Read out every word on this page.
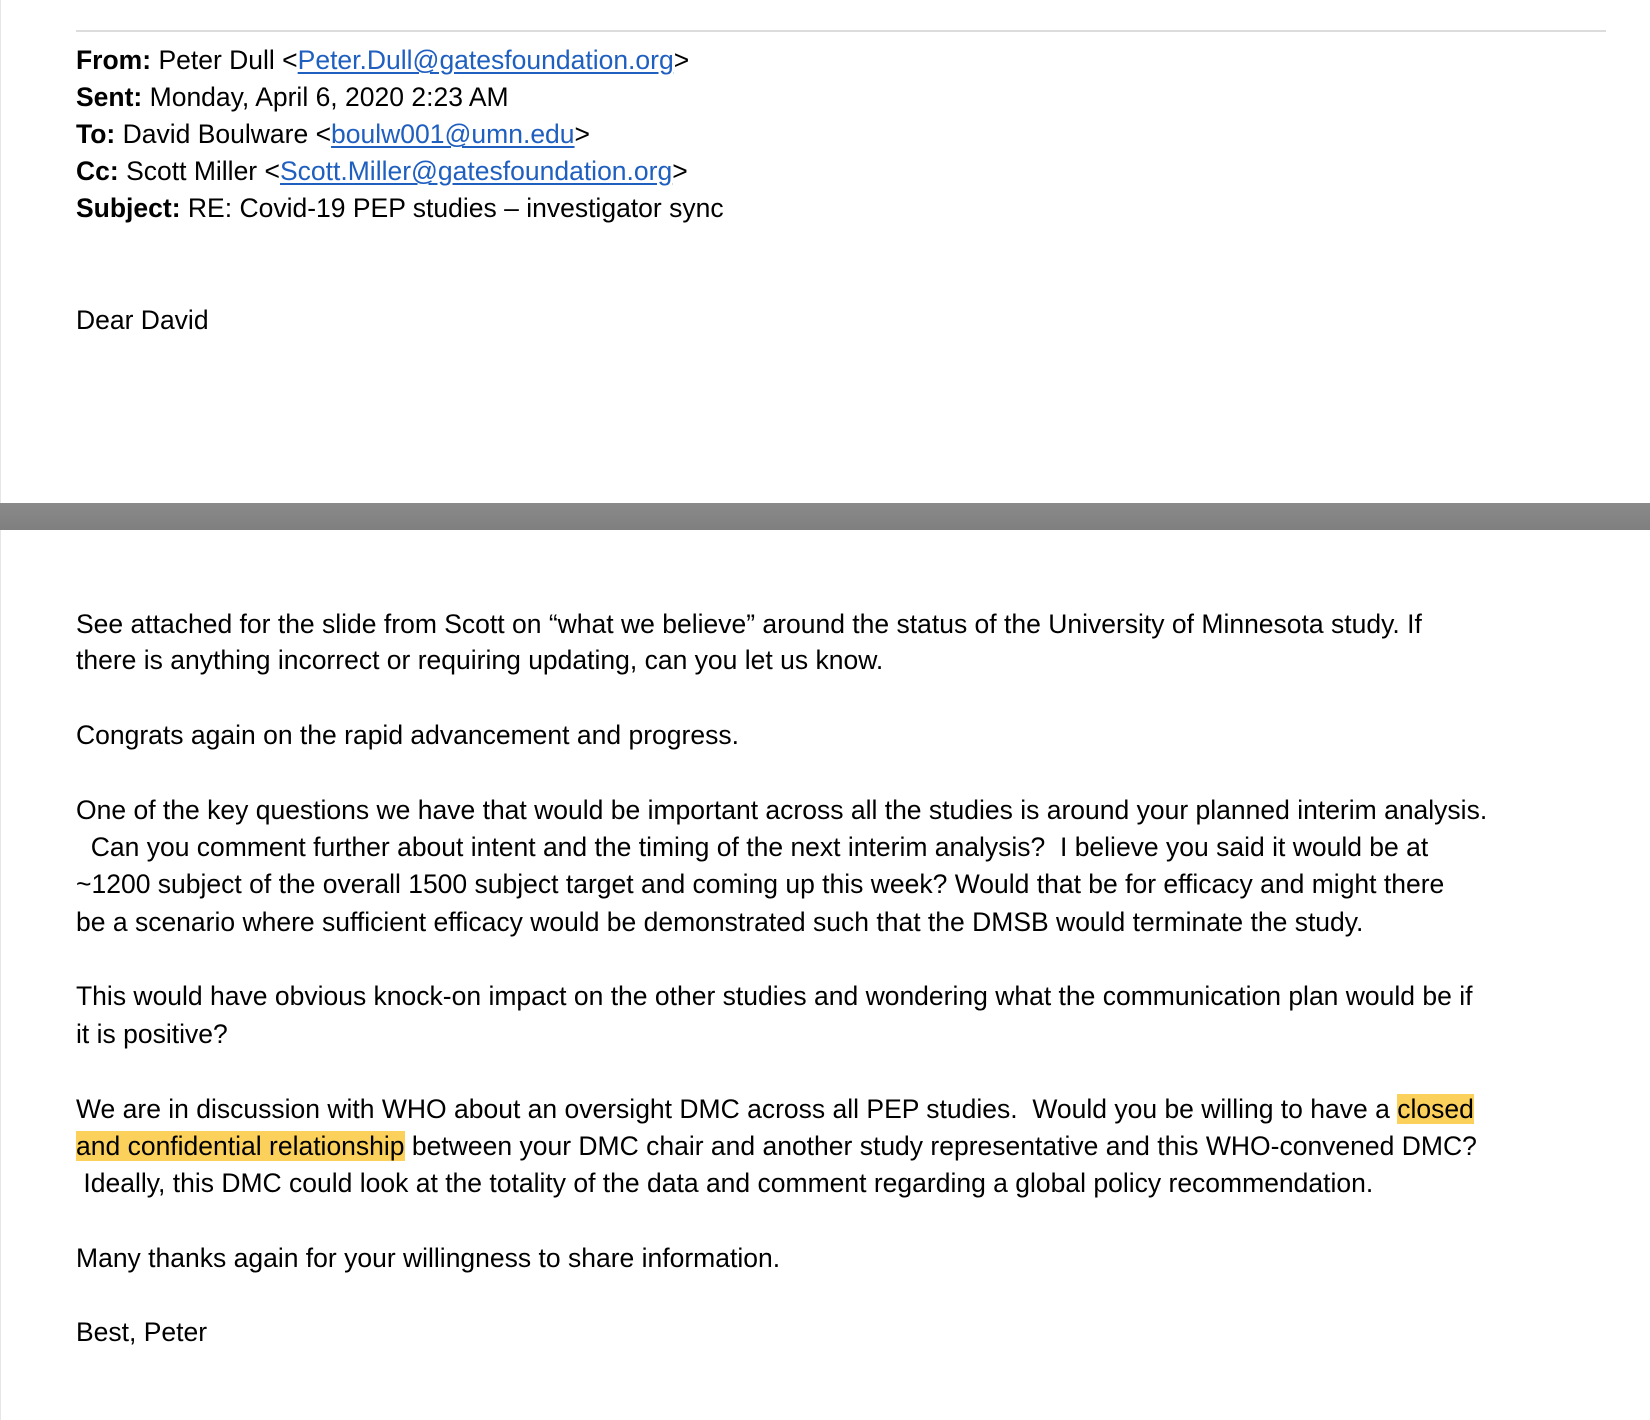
From: Peter Dull <Peter.Dull@gatesfoundation.org>
Sent: Monday, April 6, 2020 2:23 AM
To: David Boulware <boulw001@umn.edu>
Cc: Scott Miller <Scott.Miller@gatesfoundation.org>
Subject: RE: Covid-19 PEP studies – investigator sync
Dear David
See attached for the slide from Scott on “what we believe” around the status of the University of Minnesota study. If
there is anything incorrect or requiring updating, can you let us know.
Congrats again on the rapid advancement and progress.
One of the key questions we have that would be important across all the studies is around your planned interim analysis.
Can you comment further about intent and the timing of the next interim analysis?  I believe you said it would be at
~1200 subject of the overall 1500 subject target and coming up this week? Would that be for efficacy and might there
be a scenario where sufficient efficacy would be demonstrated such that the DMSB would terminate the study.
This would have obvious knock-on impact on the other studies and wondering what the communication plan would be if
it is positive?
We are in discussion with WHO about an oversight DMC across all PEP studies.  Would you be willing to have a closed
and confidential relationship between your DMC chair and another study representative and this WHO-convened DMC?
Ideally, this DMC could look at the totality of the data and comment regarding a global policy recommendation.
Many thanks again for your willingness to share information.
Best, Peter
